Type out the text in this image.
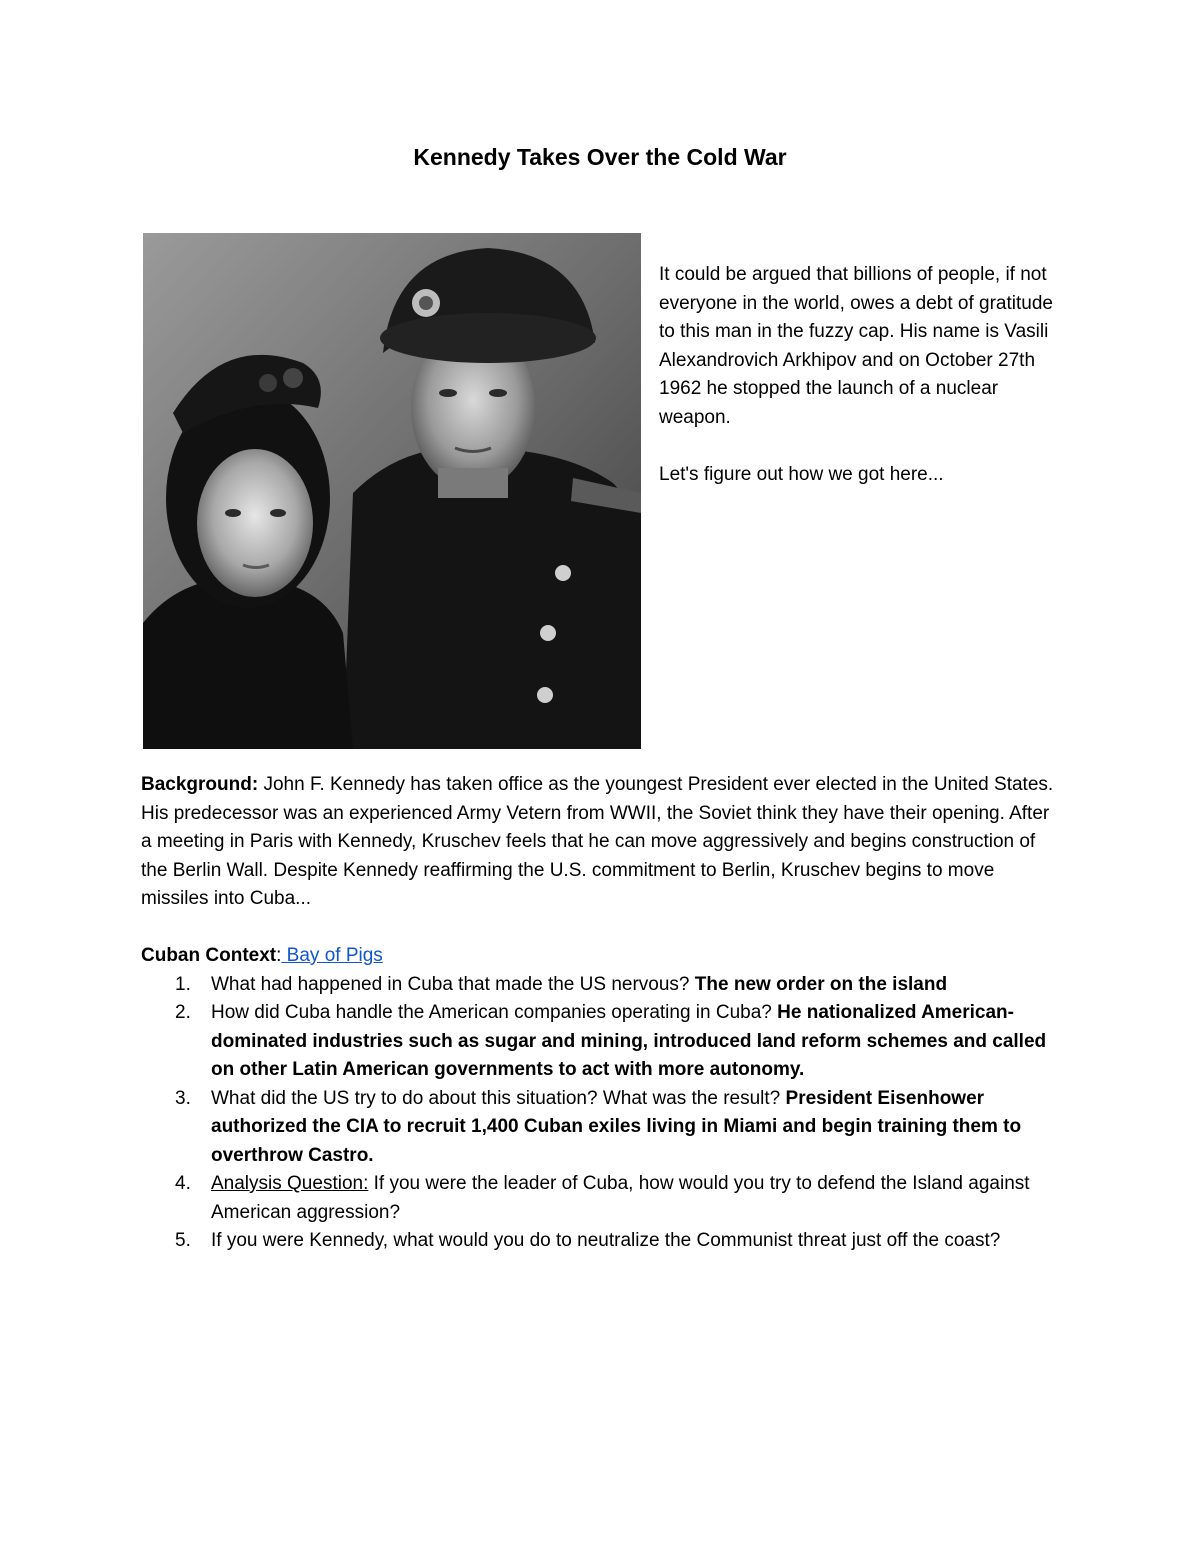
Kennedy Takes Over the Cold War

It could be argued that billions of people, if not everyone in the world, owes a debt of gratitude to this man in the fuzzy cap. His name is Vasili Alexandrovich Arkhipov and on October 27th 1962 he stopped the launch of a nuclear weapon.

Let's figure out how we got here...

Background: John F. Kennedy has taken office as the youngest President ever elected in the United States. His predecessor was an experienced Army Vetern from WWII, the Soviet think they have their opening. After a meeting in Paris with Kennedy, Kruschev feels that he can move aggressively and begins construction of the Berlin Wall. Despite Kennedy reaffirming the U.S. commitment to Berlin, Kruschev begins to move missiles into Cuba...

Cuban Context: Bay of Pigs

1. What had happened in Cuba that made the US nervous? The new order on the island
2. How did Cuba handle the American companies operating in Cuba? He nationalized American-dominated industries such as sugar and mining, introduced land reform schemes and called on other Latin American governments to act with more autonomy.
3. What did the US try to do about this situation? What was the result? President Eisenhower authorized the CIA to recruit 1,400 Cuban exiles living in Miami and begin training them to overthrow Castro.
4. Analysis Question: If you were the leader of Cuba, how would you try to defend the Island against American aggression?
5. If you were Kennedy, what would you do to neutralize the Communist threat just off the coast?
